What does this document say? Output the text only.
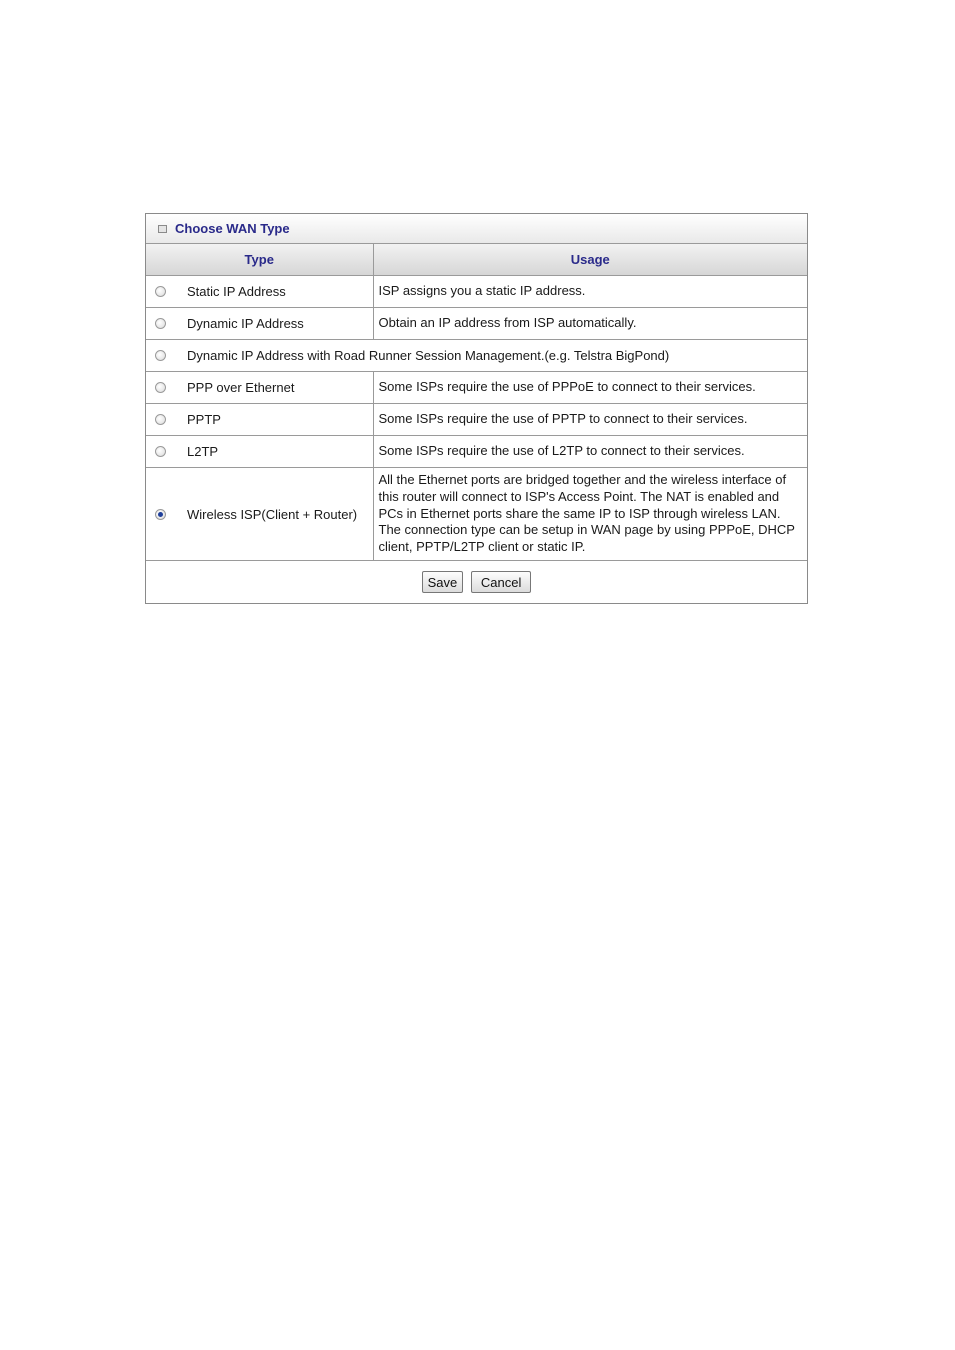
Choose WAN Type
Type	Usage

Static IP Address	ISP assigns you a static IP address.

Dynamic IP Address	Obtain an IP address from ISP automatically.

Dynamic IP Address with Road Runner Session Management.(e.g. Telstra BigPond)	

PPP over Ethernet	Some ISPs require the use of PPPoE to connect to their services.

PPTP	Some ISPs require the use of PPTP to connect to their services.

L2TP	Some ISPs require the use of L2TP to connect to their services.

Wireless ISP(Client + Router)	All the Ethernet ports are bridged together and the wireless interface of this router will connect to ISP's Access Point. The NAT is enabled and PCs in Ethernet ports share the same IP to ISP through wireless LAN. The connection type can be setup in WAN page by using PPPoE, DHCP client, PPTP/L2TP client or static IP.
Save Cancel	
